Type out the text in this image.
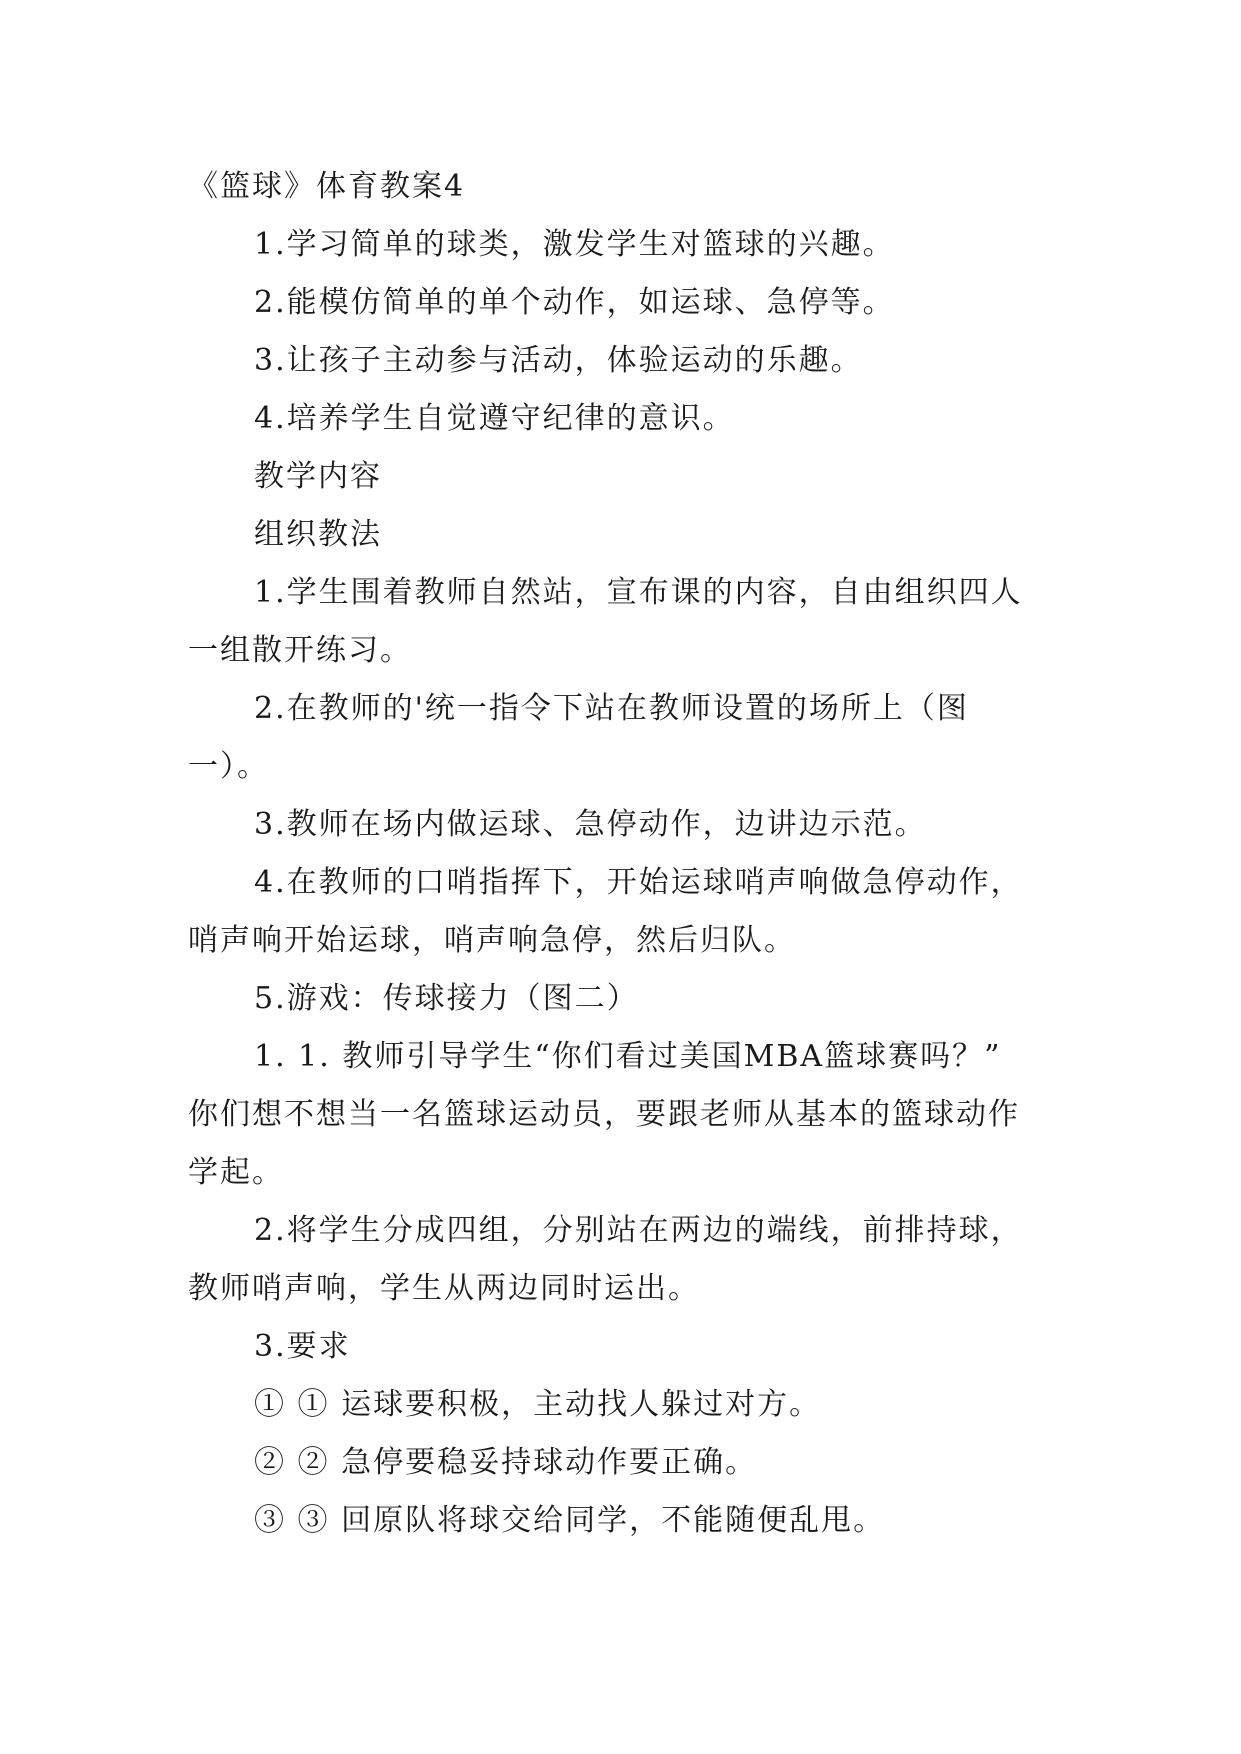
《篮球》体育教案4
1.学习简单的球类，激发学生对篮球的兴趣。
2.能模仿简单的单个动作，如运球、急停等。
3.让孩子主动参与活动，体验运动的乐趣。
4.培养学生自觉遵守纪律的意识。
教学内容
组织教法
1.学生围着教师自然站，宣布课的内容，自由组织四人
一组散开练习。
2.在教师的'统一指令下站在教师设置的场所上（图
一）。
3.教师在场内做运球、急停动作，边讲边示范。
4.在教师的口哨指挥下，开始运球哨声响做急停动作，
哨声响开始运球，哨声响急停，然后归队。
5.游戏：传球接力（图二）
1. 1. 教师引导学生“你们看过美国MBA篮球赛吗？”
你们想不想当一名篮球运动员，要跟老师从基本的篮球动作
学起。
2.将学生分成四组，分别站在两边的端线，前排持球，
教师哨声响，学生从两边同时运出。
3.要求
① ① 运球要积极，主动找人躲过对方。
② ② 急停要稳妥持球动作要正确。
③ ③ 回原队将球交给同学，不能随便乱甩。
